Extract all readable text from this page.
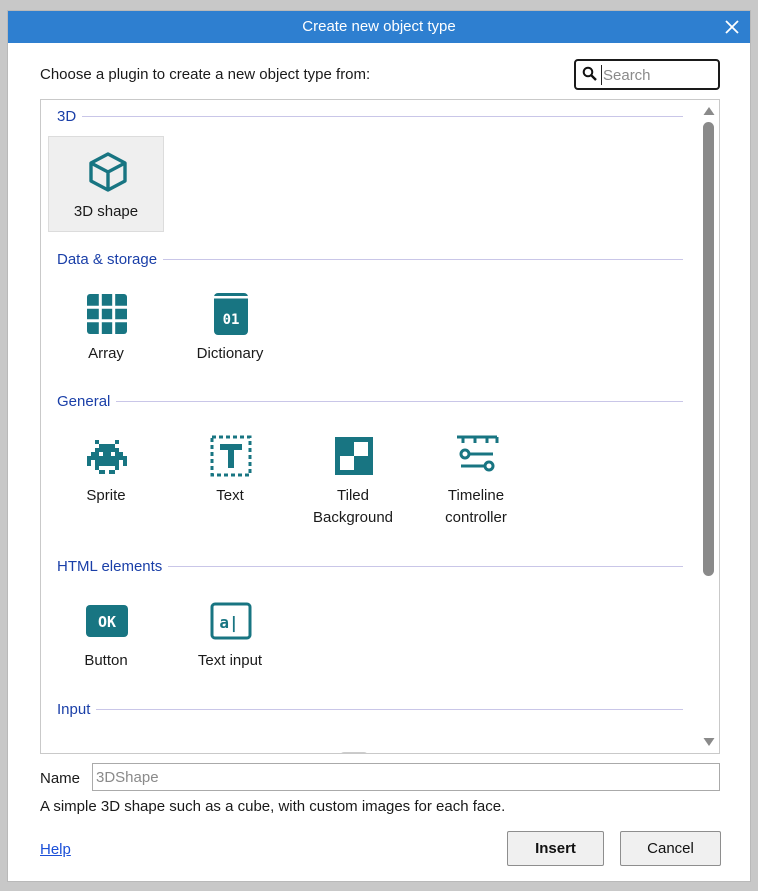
Create new object type
Choose a plugin to create a new object type from:
Search
3D
3D shape
Data & storage
Array
01
Dictionary
General
Sprite	Text	Tiled
Background
Timeline
controller
HTML elements
OK
Button
a|
Text input
Input
Name
3DShape
A simple 3D shape such as a cube, with custom images for each face.
Help	Insert	Cancel
